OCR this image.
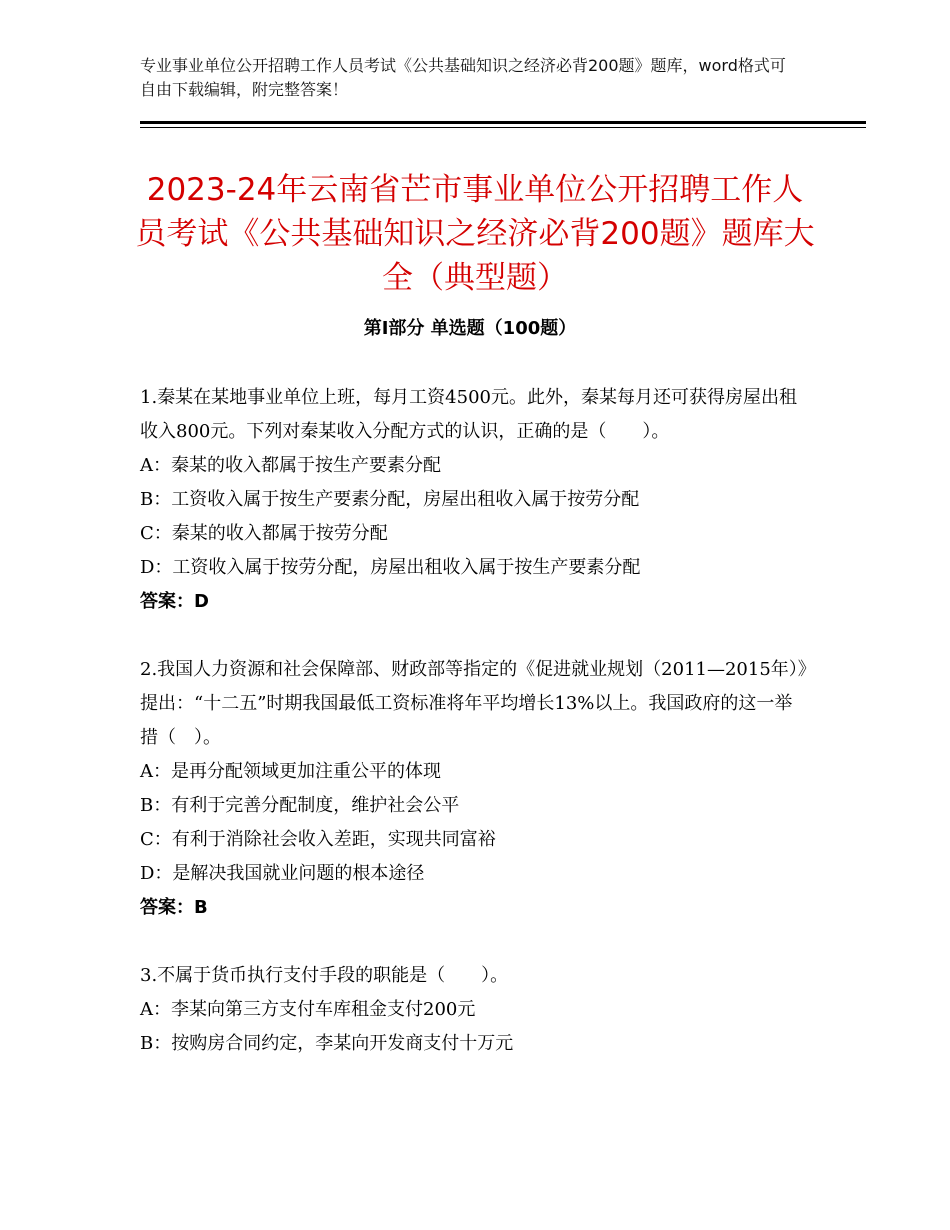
专业事业单位公开招聘工作人员考试《公共基础知识之经济必背200题》题库，word格式可自由下载编辑，附完整答案！
2023-24年云南省芒市事业单位公开招聘工作人员考试《公共基础知识之经济必背200题》题库大全（典型题）
第Ⅰ部分 单选题（100题）

1.秦某在某地事业单位上班，每月工资4500元。此外，秦某每月还可获得房屋出租收入800元。下列对秦某收入分配方式的认识，正确的是（　　）。

A：秦某的收入都属于按生产要素分配

B：工资收入属于按生产要素分配，房屋出租收入属于按劳分配

C：秦某的收入都属于按劳分配

D：工资收入属于按劳分配，房屋出租收入属于按生产要素分配

答案：D

2.我国人力资源和社会保障部、财政部等指定的《促进就业规划（2011—2015年）》提出：“十二五”时期我国最低工资标准将年平均增长13%以上。我国政府的这一举措（　）。

A：是再分配领域更加注重公平的体现

B：有利于完善分配制度，维护社会公平

C：有利于消除社会收入差距，实现共同富裕

D：是解决我国就业问题的根本途径

答案：B

3.不属于货币执行支付手段的职能是（　　）。

A：李某向第三方支付车库租金支付200元

B：按购房合同约定，李某向开发商支付十万元
